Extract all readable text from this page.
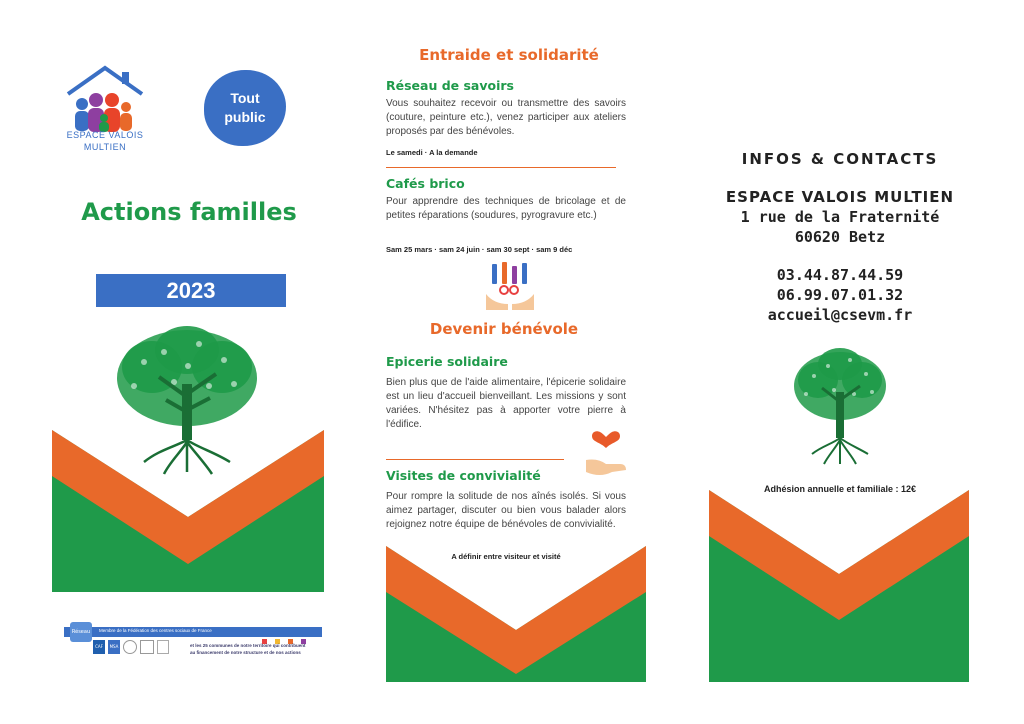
ESPACE VALOIS
MULTIEN
Tout public
Actions familles
2023
Membre de la Fédération des centres sociaux de France

Réseau
CAF	MSA	et les 25 communes de notre territoire qui contribuent
au financement de notre structure et de nos actions
Entraide et solidarité
Réseau de savoirs
Vous souhaitez recevoir ou transmettre des savoirs (couture, peinture etc.), venez participer aux ateliers proposés par des bénévoles.
Le samedi · A la demande
Cafés brico
Pour apprendre des techniques de bricolage et de petites réparations (soudures, pyrogravure etc.)
Sam 25 mars · sam 24 juin · sam 30 sept · sam 9 déc
Devenir bénévole
Epicerie solidaire
Bien plus que de l'aide alimentaire, l'épicerie solidaire est un lieu d'accueil bienveillant. Les missions y sont variées. N'hésitez pas à apporter votre pierre à l'édifice.
Visites de convivialité
Pour rompre la solitude de nos aînés isolés. Si vous aimez partager, discuter ou bien vous balader alors rejoignez notre équipe de bénévoles de convivialité.
A définir entre visiteur et visité
INFOS & CONTACTS
ESPACE VALOIS MULTIEN
1 rue de la Fraternité
60620 Betz
03.44.87.44.59
06.99.07.01.32
accueil@csevm.fr
Adhésion annuelle et familiale : 12€
